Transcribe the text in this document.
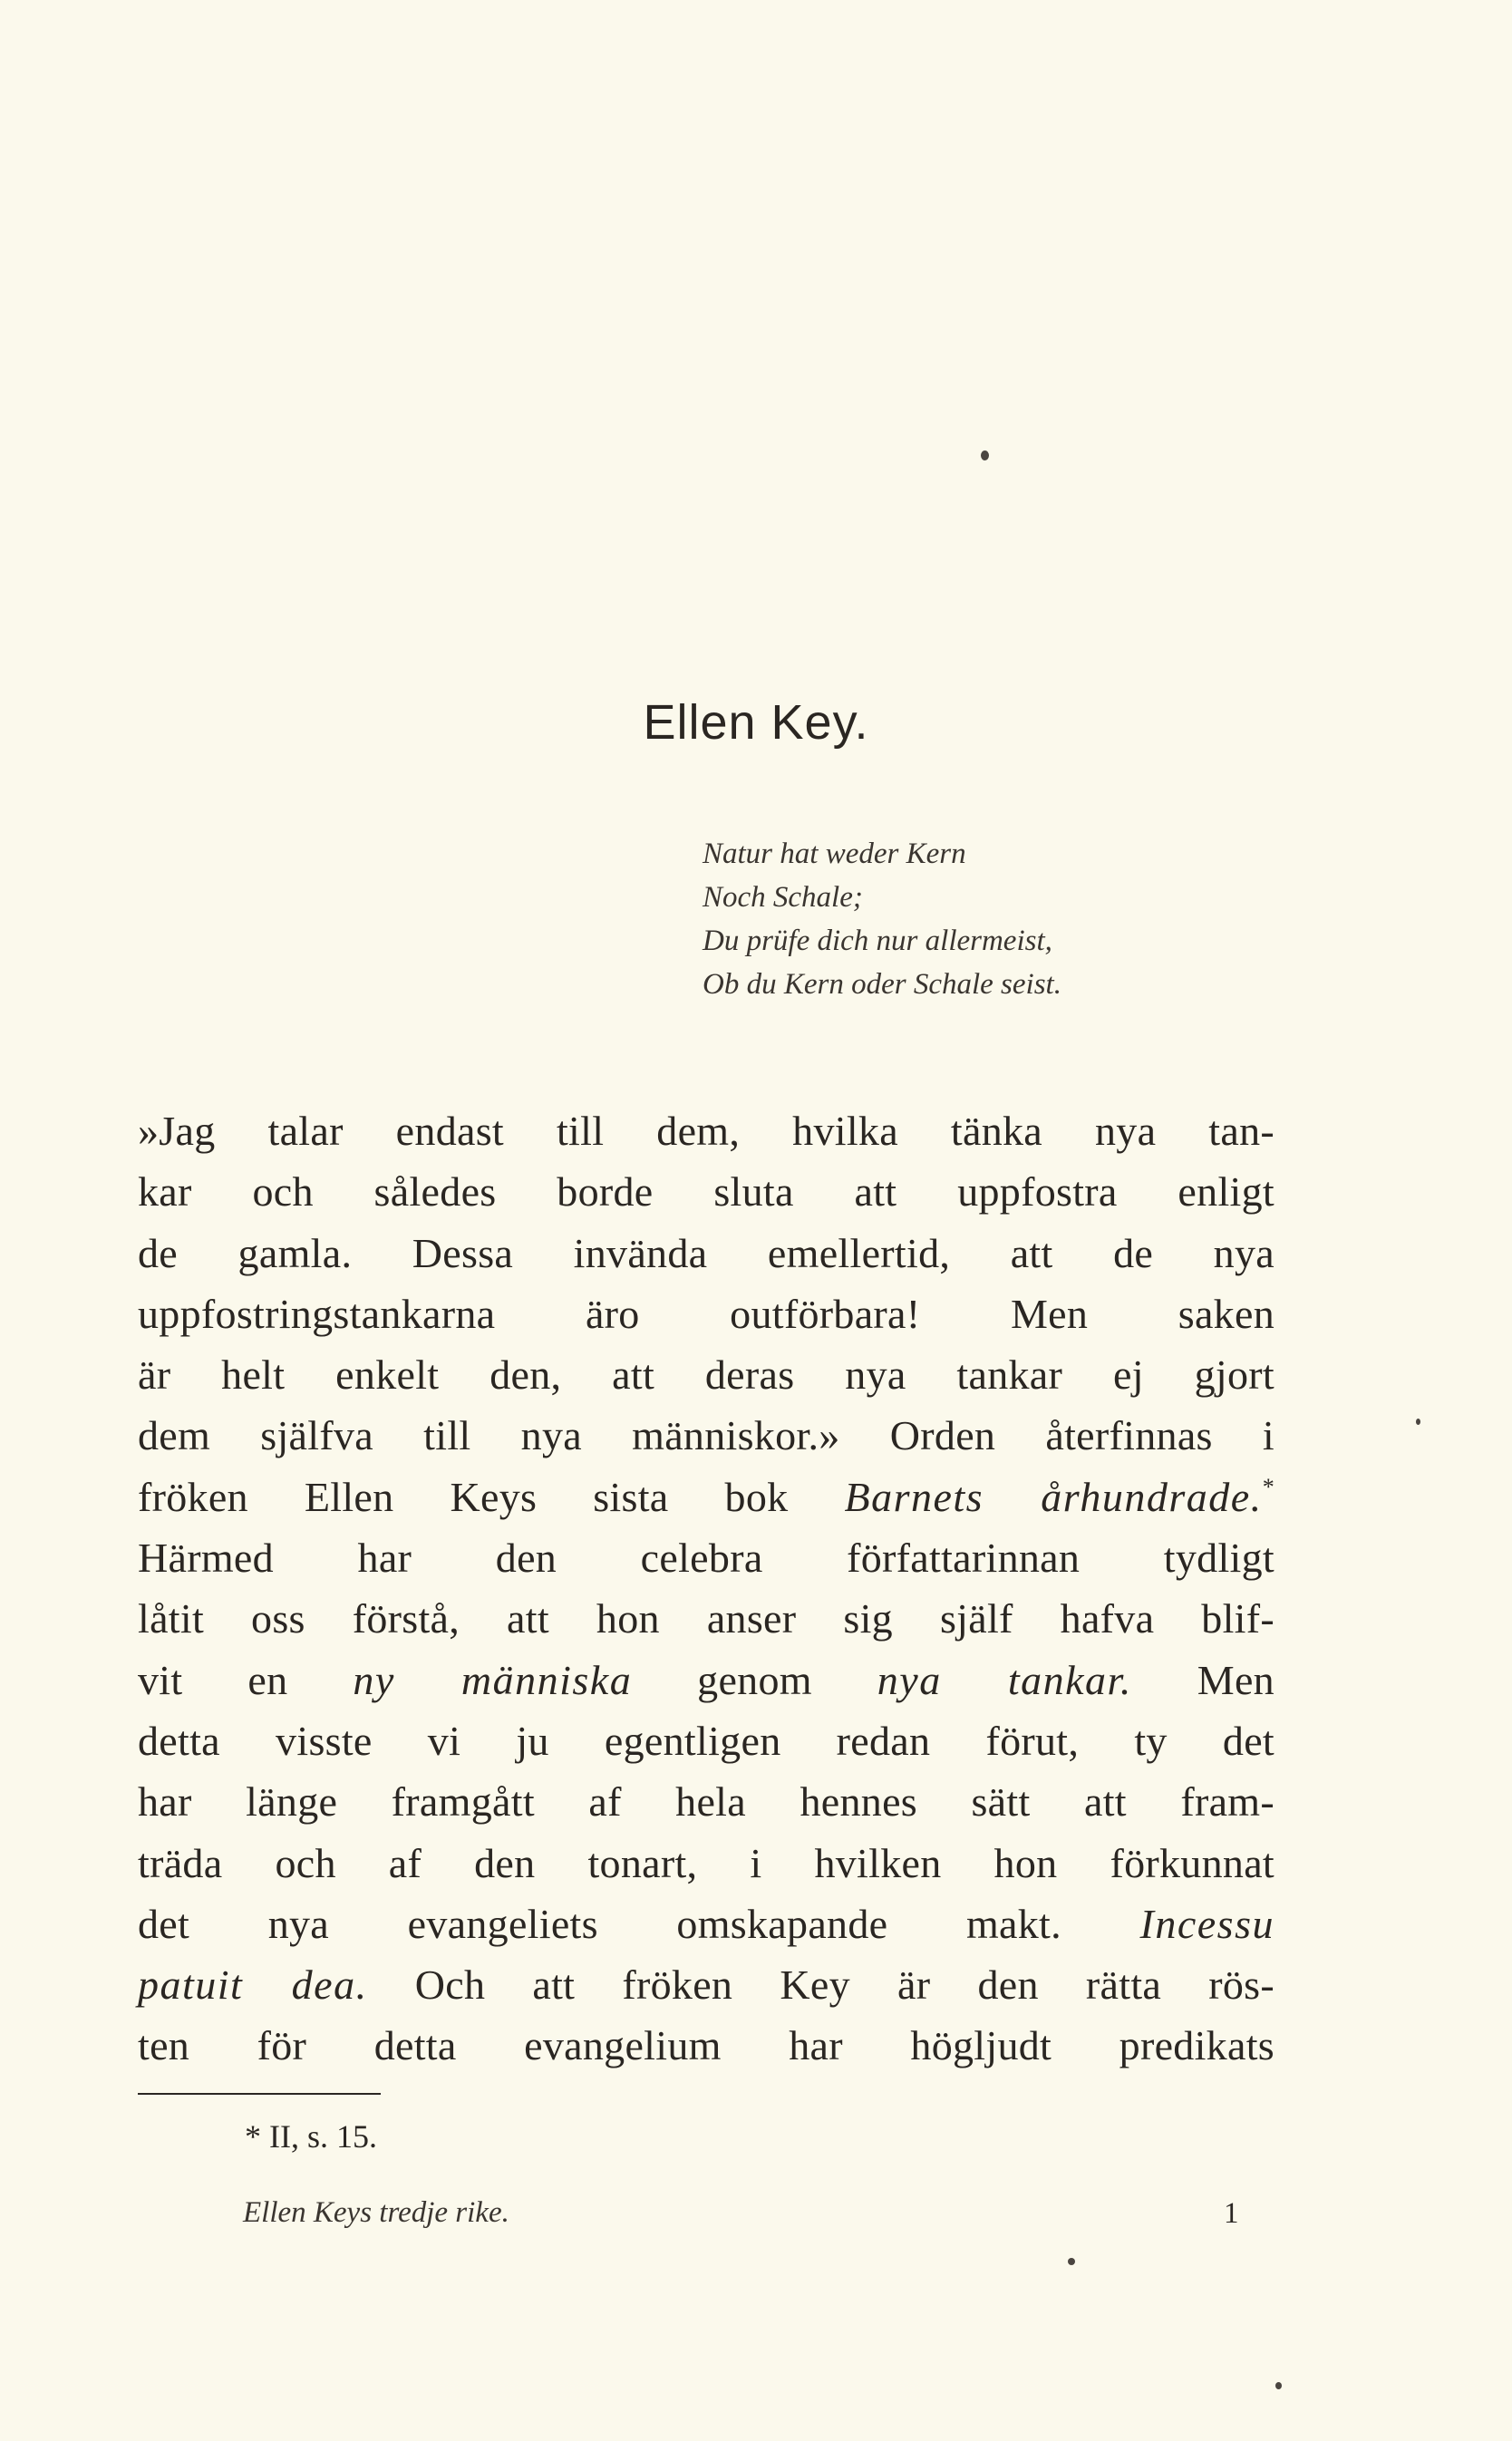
Ellen Key.
Natur hat weder Kern
Noch Schale;
Du prüfe dich nur allermeist,
Ob du Kern oder Schale seist.
»Jag talar endast till dem, hvilka tänka nya tan-
kar och således borde sluta att uppfostra enligt
de gamla. Dessa invända emellertid, att de nya
uppfostringstankarna äro outförbara! Men saken
är helt enkelt den, att deras nya tankar ej gjort
dem själfva till nya människor.» Orden återfinnas i
fröken Ellen Keys sista bok Barnets århundrade.*
Härmed har den celebra författarinnan tydligt
låtit oss förstå, att hon anser sig själf hafva blif-
vit en ny människa genom nya tankar. Men
detta visste vi ju egentligen redan förut, ty det
har länge framgått af hela hennes sätt att fram-
träda och af den tonart, i hvilken hon förkunnat
det nya evangeliets omskapande makt. Incessu
patuit dea. Och att fröken Key är den rätta rös-
ten för detta evangelium har högljudt predikats
* II, s. 15.
Ellen Keys tredje rike.	1
